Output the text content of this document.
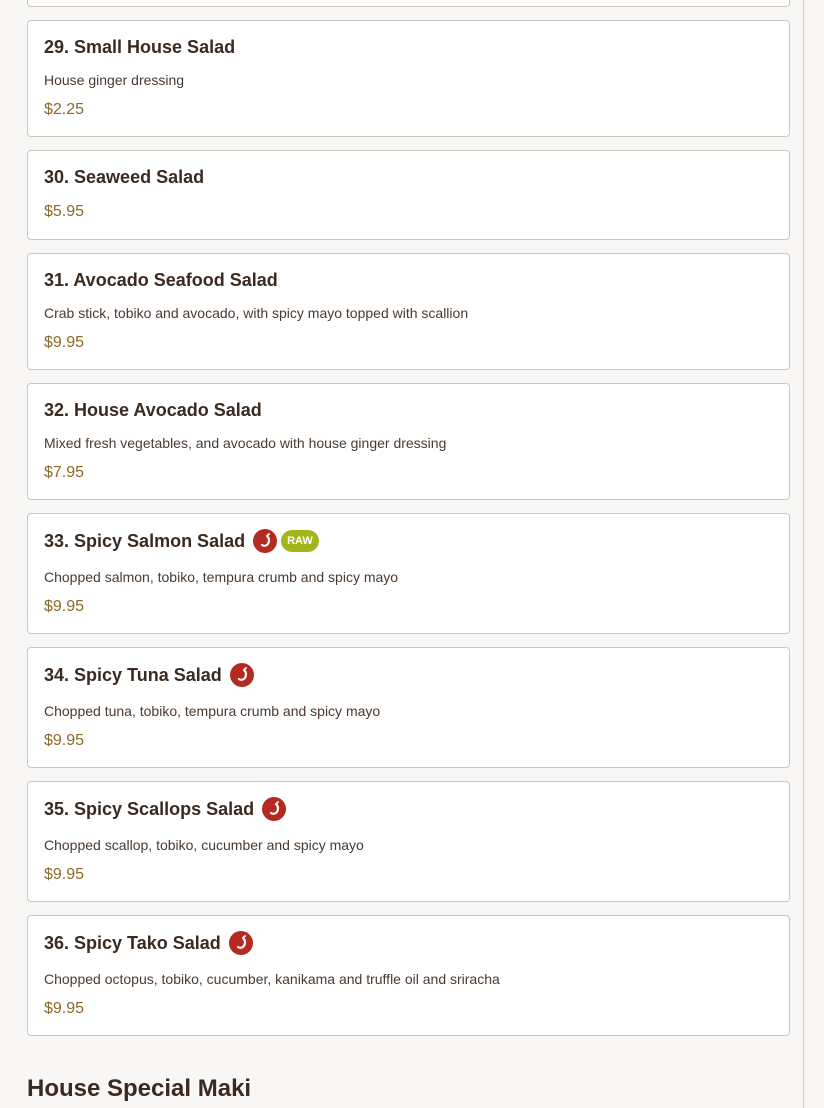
29. Small House Salad
House ginger dressing
$2.25
30. Seaweed Salad
$5.95
31. Avocado Seafood Salad
Crab stick, tobiko and avocado, with spicy mayo topped with scallion
$9.95
32. House Avocado Salad
Mixed fresh vegetables, and avocado with house ginger dressing
$7.95
33. Spicy Salmon Salad	RAW
Chopped salmon, tobiko, tempura crumb and spicy mayo
$9.95
34. Spicy Tuna Salad
Chopped tuna, tobiko, tempura crumb and spicy mayo
$9.95
35. Spicy Scallops Salad
Chopped scallop, tobiko, cucumber and spicy mayo
$9.95
36. Spicy Tako Salad
Chopped octopus, tobiko, cucumber, kanikama and truffle oil and sriracha
$9.95
House Special Maki
